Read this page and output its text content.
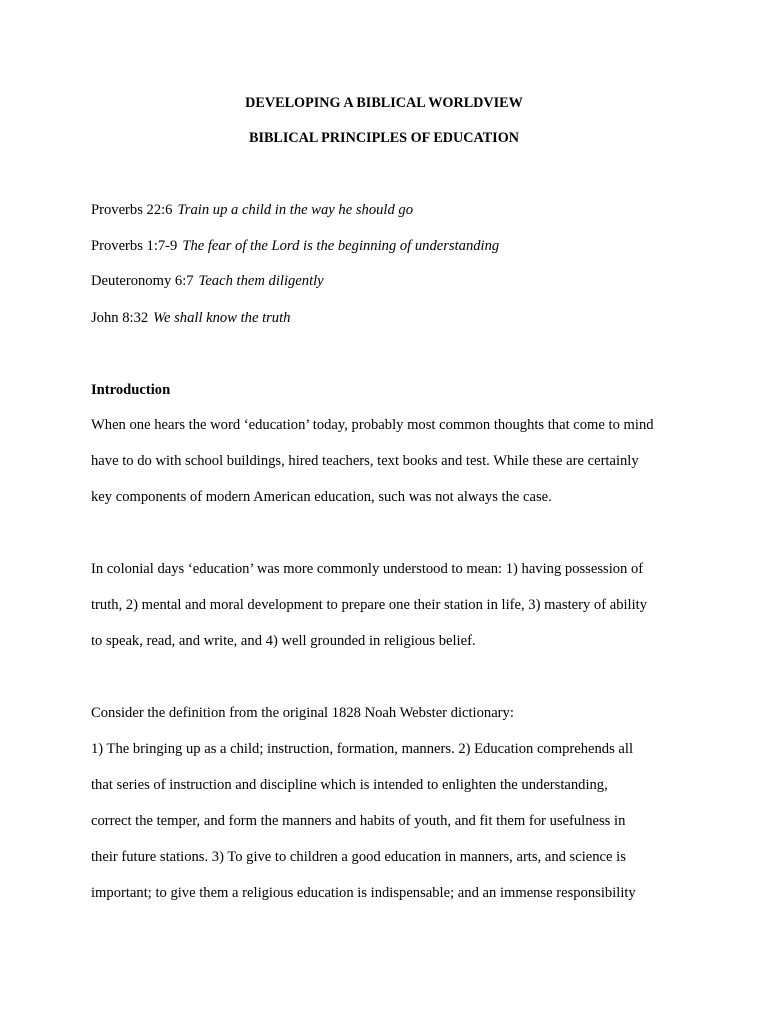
DEVELOPING A BIBLICAL WORLDVIEW
BIBLICAL PRINCIPLES OF EDUCATION
Proverbs 22:6 Train up a child in the way he should go
Proverbs 1:7-9 The fear of the Lord is the beginning of understanding
Deuteronomy 6:7 Teach them diligently
John 8:32 We shall know the truth
Introduction
When one hears the word ‘education’ today, probably most common thoughts that come to mind
have to do with school buildings, hired teachers, text books and test. While these are certainly
key components of modern American education, such was not always the case.
In colonial days ‘education’ was more commonly understood to mean: 1) having possession of
truth, 2) mental and moral development to prepare one their station in life, 3) mastery of ability
to speak, read, and write, and 4) well grounded in religious belief.
Consider the definition from the original 1828 Noah Webster dictionary:
1) The bringing up as a child; instruction, formation, manners. 2) Education comprehends all
that series of instruction and discipline which is intended to enlighten the understanding,
correct the temper, and form the manners and habits of youth, and fit them for usefulness in
their future stations. 3) To give to children a good education in manners, arts, and science is
important; to give them a religious education is indispensable; and an immense responsibility
